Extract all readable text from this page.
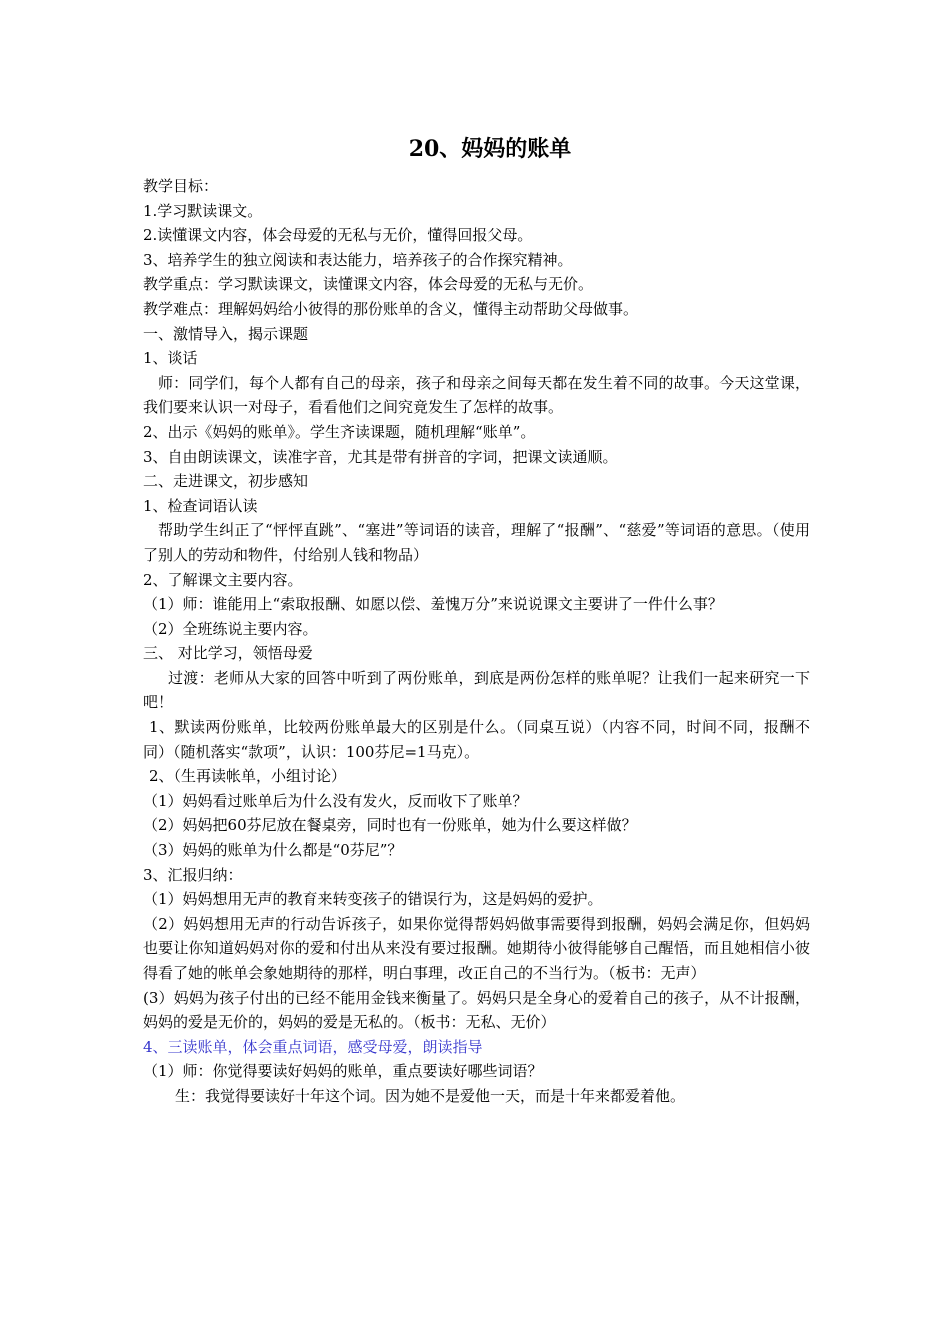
20、妈妈的账单

教学目标：

1.学习默读课文。

2.读懂课文内容，体会母爱的无私与无价，懂得回报父母。

3、培养学生的独立阅读和表达能力，培养孩子的合作探究精神。

教学重点：学习默读课文，读懂课文内容，体会母爱的无私与无价。

教学难点：理解妈妈给小彼得的那份账单的含义，懂得主动帮助父母做事。

一、激情导入，揭示课题

1、谈话

师：同学们，每个人都有自己的母亲，孩子和母亲之间每天都在发生着不同的故事。今天这堂课，我们要来认识一对母子，看看他们之间究竟发生了怎样的故事。

2、出示《妈妈的账单》。学生齐读课题，随机理解“账单”。

3、自由朗读课文，读准字音，尤其是带有拼音的字词，把课文读通顺。

二、走进课文，初步感知

1、检查词语认读

帮助学生纠正了“怦怦直跳”、“塞进”等词语的读音，理解了“报酬”、“慈爱”等词语的意思。（使用了别人的劳动和物件，付给别人钱和物品）

2、了解课文主要内容。

（1）师：谁能用上“索取报酬、如愿以偿、羞愧万分”来说说课文主要讲了一件什么事？

（2）全班练说主要内容。

三、 对比学习，领悟母爱

过渡：老师从大家的回答中听到了两份账单，到底是两份怎样的账单呢？让我们一起来研究一下吧！

1、默读两份账单，比较两份账单最大的区别是什么。（同桌互说）（内容不同，时间不同，报酬不同）（随机落实“款项”，认识：100芬尼=1马克）。

2、（生再读帐单，小组讨论）

（1）妈妈看过账单后为什么没有发火，反而收下了账单？

（2）妈妈把60芬尼放在餐桌旁，同时也有一份账单，她为什么要这样做？

（3）妈妈的账单为什么都是“0芬尼”？

3、汇报归纳：

（1）妈妈想用无声的教育来转变孩子的错误行为，这是妈妈的爱护。

（2）妈妈想用无声的行动告诉孩子，如果你觉得帮妈妈做事需要得到报酬，妈妈会满足你，但妈妈也要让你知道妈妈对你的爱和付出从来没有要过报酬。她期待小彼得能够自己醒悟，而且她相信小彼得看了她的帐单会象她期待的那样，明白事理，改正自己的不当行为。（板书：无声）

(3）妈妈为孩子付出的已经不能用金钱来衡量了。妈妈只是全身心的爱着自己的孩子，从不计报酬，妈妈的爱是无价的，妈妈的爱是无私的。（板书：无私、无价）

4、三读账单，体会重点词语，感受母爱，朗读指导

（1）师：你觉得要读好妈妈的账单，重点要读好哪些词语？

生：我觉得要读好十年这个词。因为她不是爱他一天，而是十年来都爱着他。
